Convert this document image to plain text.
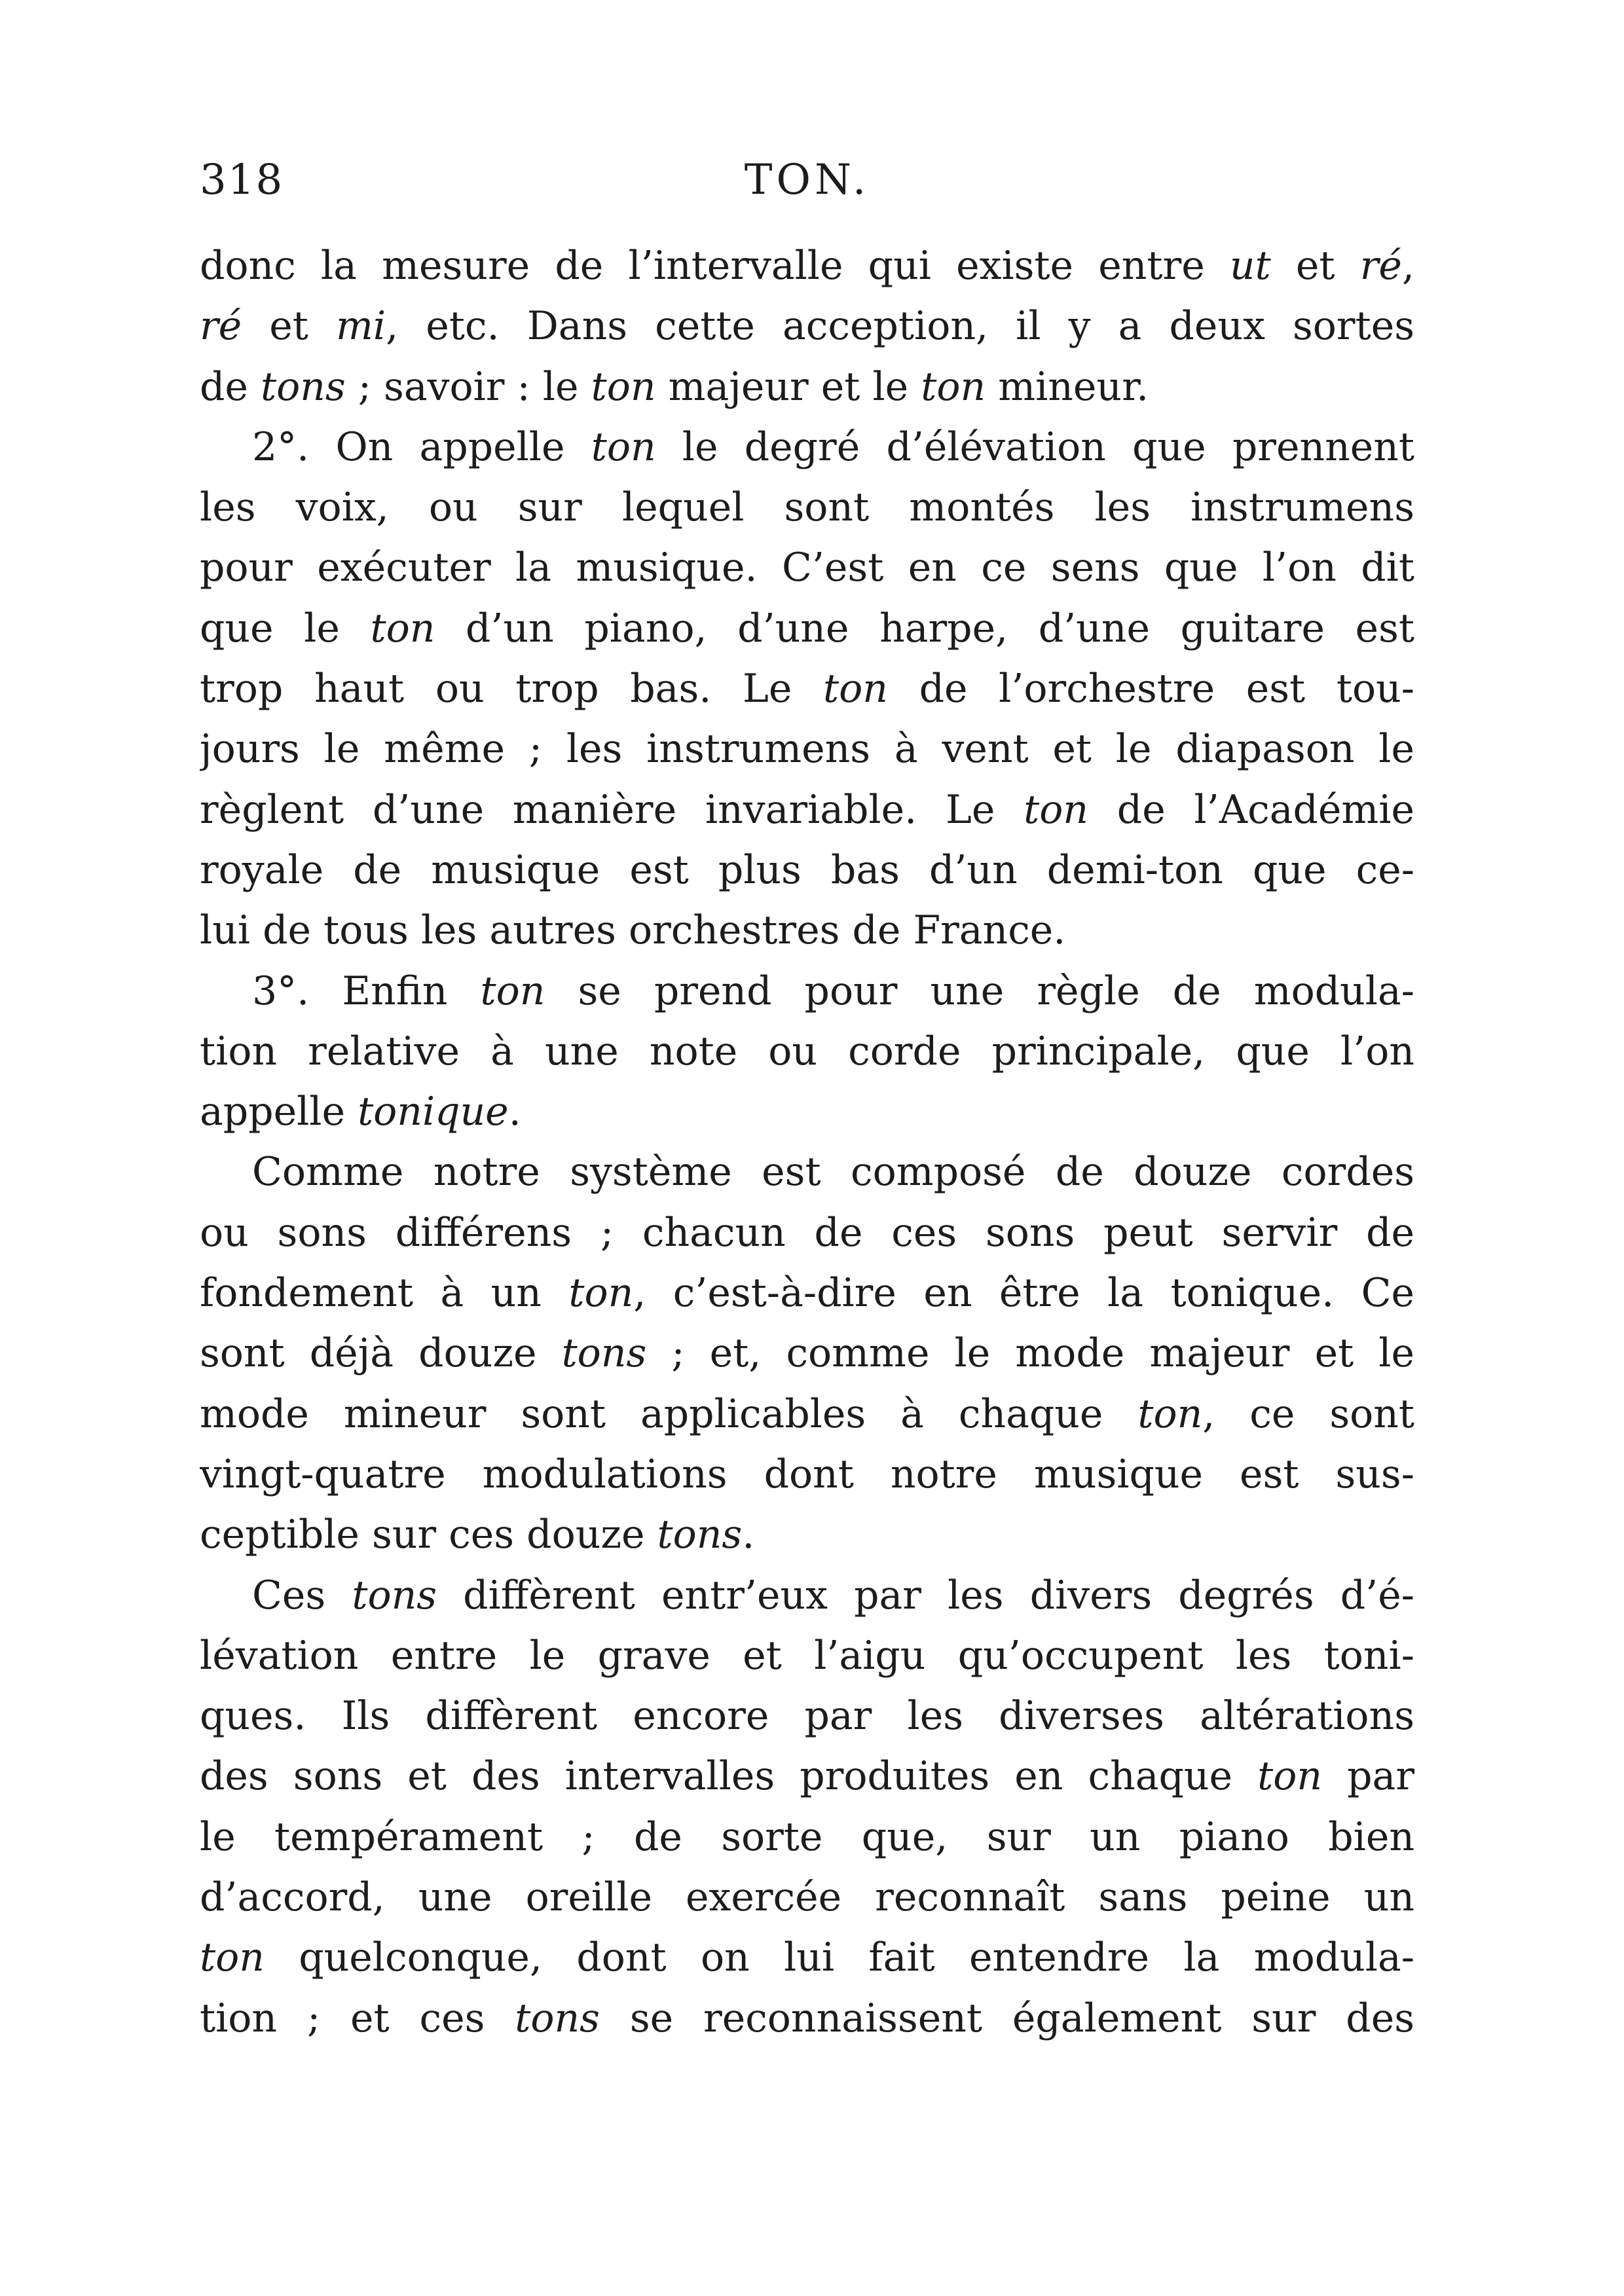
318	TON.
donc la mesure de l’intervalle qui existe entre ut et ré,
ré et mi, etc. Dans cette acception, il y a deux sortes
de tons ; savoir : le ton majeur et le ton mineur.
2°. On appelle ton le degré d’élévation que prennent
les voix, ou sur lequel sont montés les instrumens
pour exécuter la musique. C’est en ce sens que l’on dit
que le ton d’un piano, d’une harpe, d’une guitare est
trop haut ou trop bas. Le ton de l’orchestre est tou-
jours le même ; les instrumens à vent et le diapason le
règlent d’une manière invariable. Le ton de l’Académie
royale de musique est plus bas d’un demi-ton que ce-
lui de tous les autres orchestres de France.
3°. Enfin ton se prend pour une règle de modula-
tion relative à une note ou corde principale, que l’on
appelle tonique.
Comme notre système est composé de douze cordes
ou sons différens ; chacun de ces sons peut servir de
fondement à un ton, c’est-à-dire en être la tonique. Ce
sont déjà douze tons ; et, comme le mode majeur et le
mode mineur sont applicables à chaque ton, ce sont
vingt-quatre modulations dont notre musique est sus-
ceptible sur ces douze tons.
Ces tons diffèrent entr’eux par les divers degrés d’é-
lévation entre le grave et l’aigu qu’occupent les toni-
ques. Ils diffèrent encore par les diverses altérations
des sons et des intervalles produites en chaque ton par
le tempérament ; de sorte que, sur un piano bien
d’accord, une oreille exercée reconnaît sans peine un
ton quelconque, dont on lui fait entendre la modula-
tion ; et ces tons se reconnaissent également sur des
